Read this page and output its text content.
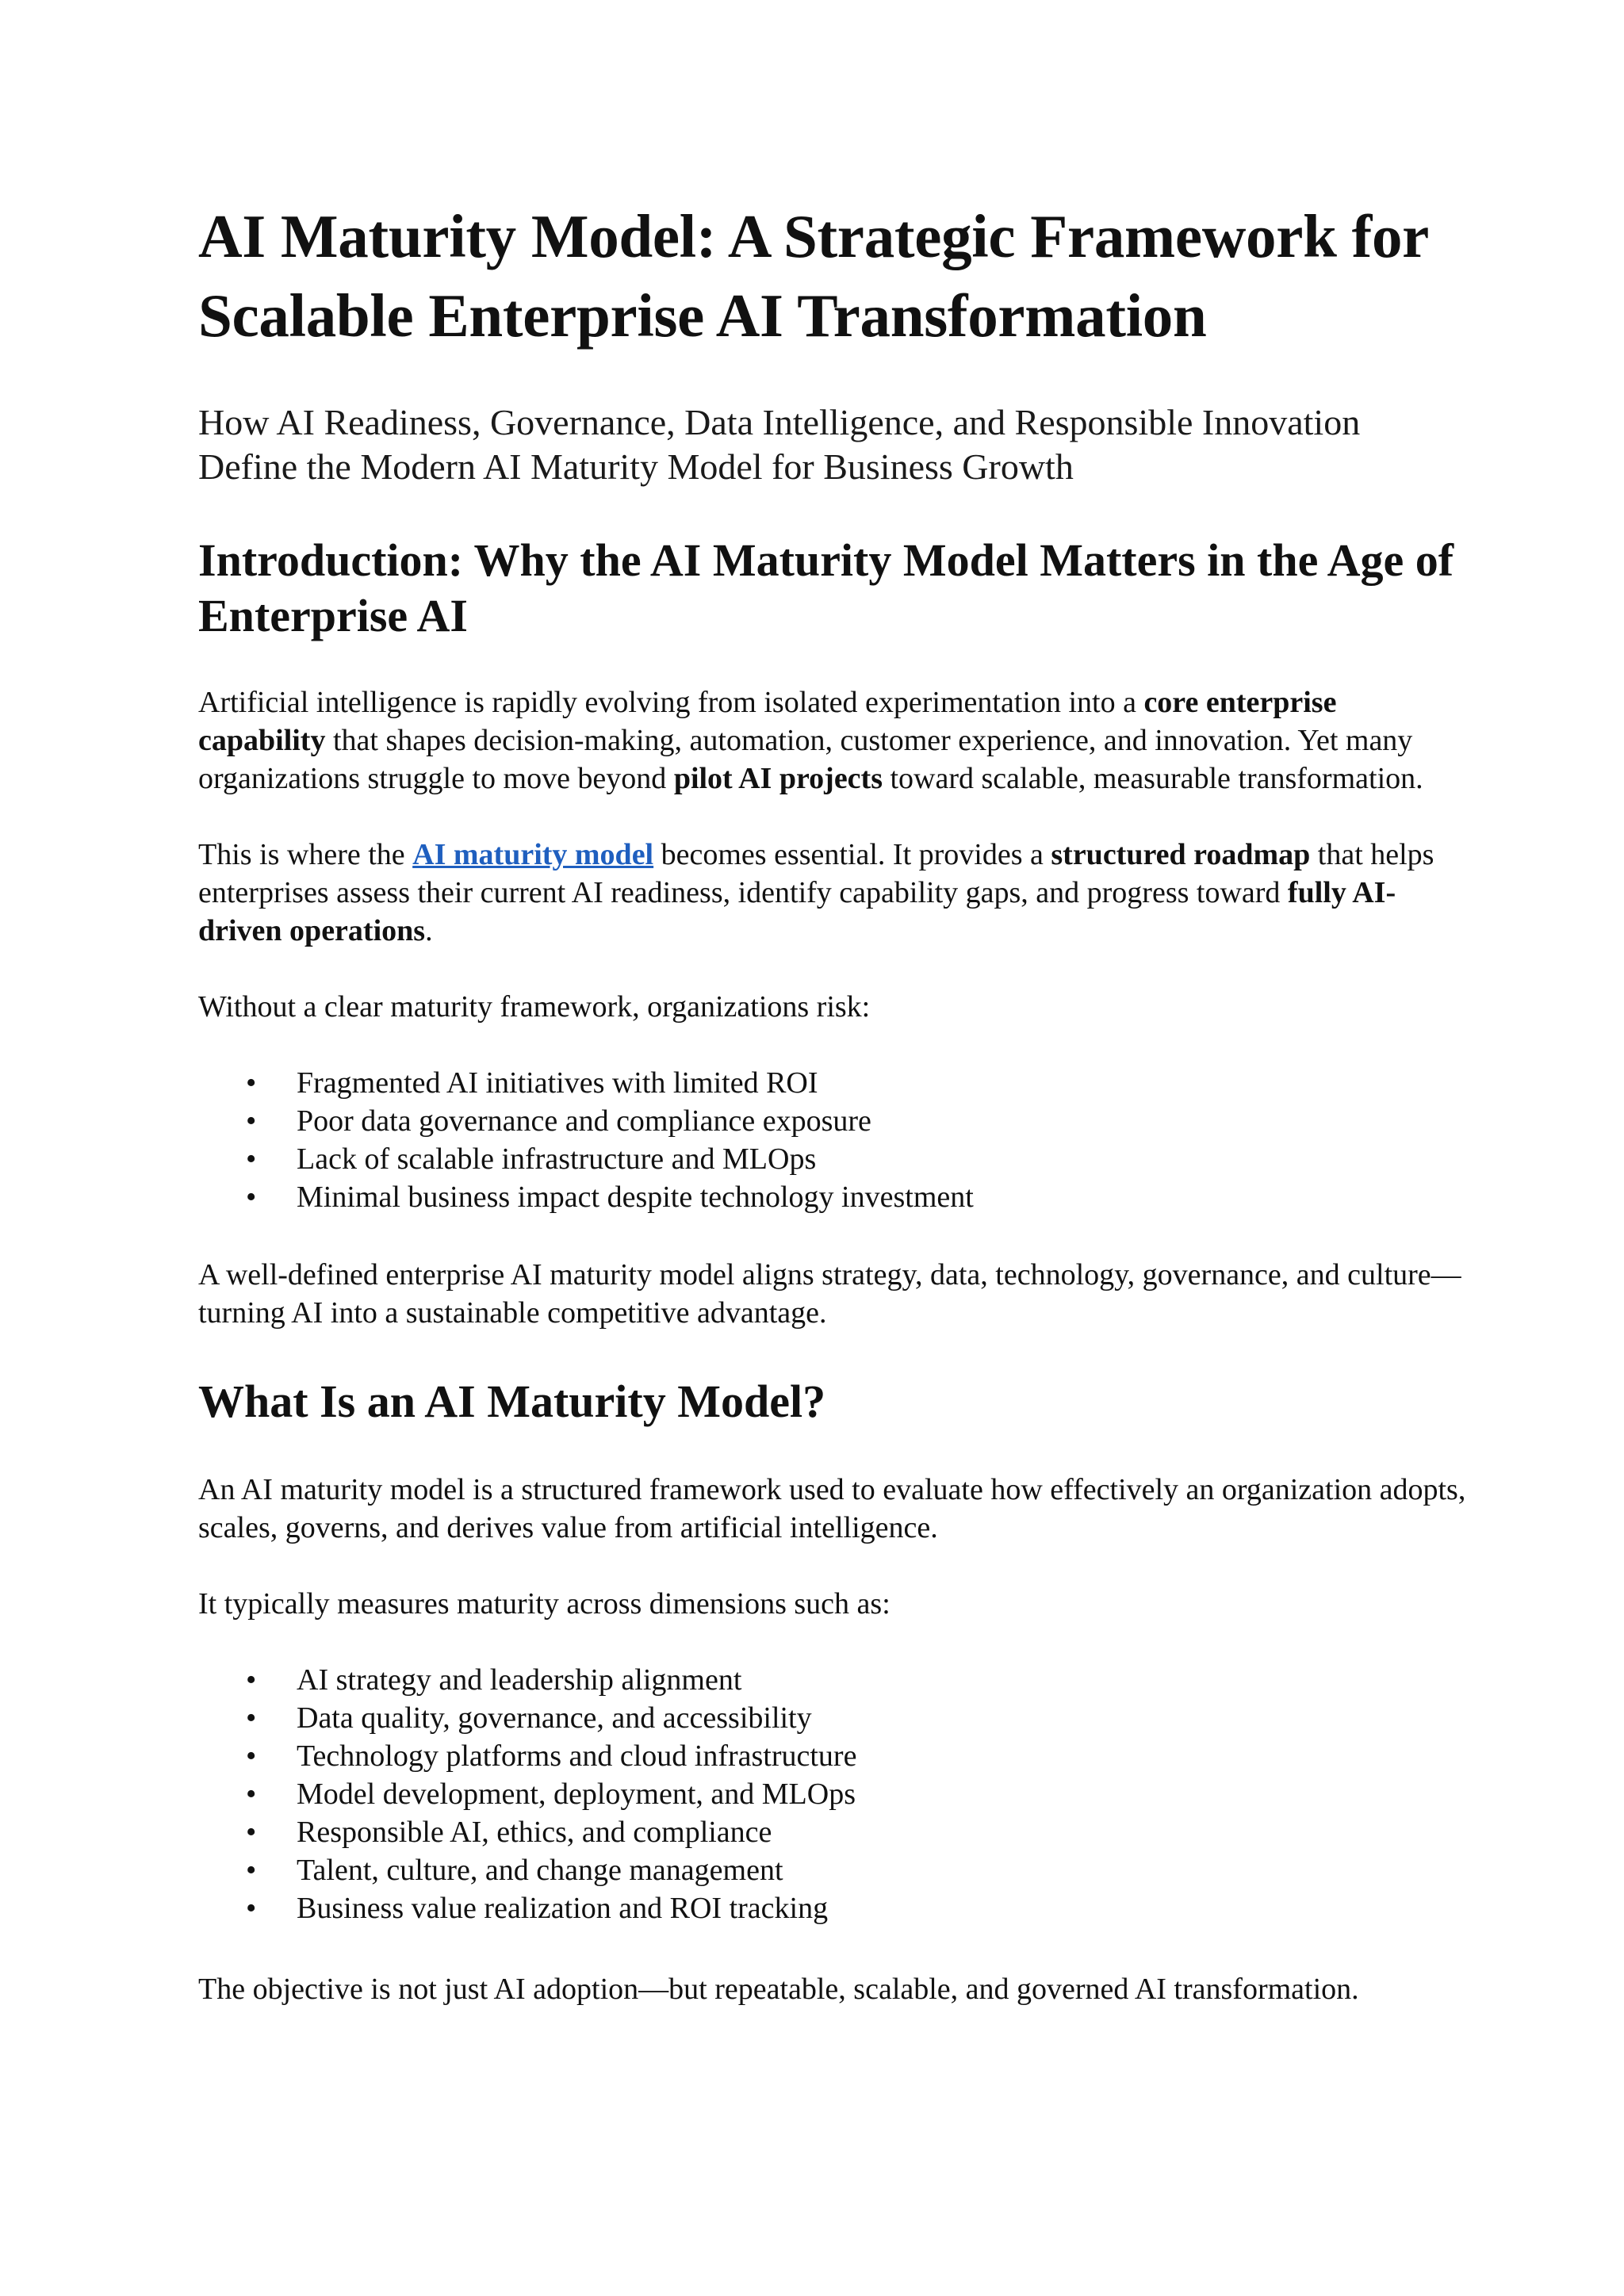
AI Maturity Model: A Strategic Framework for Scalable Enterprise AI Transformation

How AI Readiness, Governance, Data Intelligence, and Responsible Innovation Define the Modern AI Maturity Model for Business Growth

Introduction: Why the AI Maturity Model Matters in the Age of Enterprise AI

Artificial intelligence is rapidly evolving from isolated experimentation into a core enterprise capability that shapes decision-making, automation, customer experience, and innovation. Yet many organizations struggle to move beyond pilot AI projects toward scalable, measurable transformation.

This is where the AI maturity model becomes essential. It provides a structured roadmap that helps enterprises assess their current AI readiness, identify capability gaps, and progress toward fully AI-driven operations.

Without a clear maturity framework, organizations risk:

• Fragmented AI initiatives with limited ROI
• Poor data governance and compliance exposure
• Lack of scalable infrastructure and MLOps
• Minimal business impact despite technology investment

A well-defined enterprise AI maturity model aligns strategy, data, technology, governance, and culture—turning AI into a sustainable competitive advantage.

What Is an AI Maturity Model?

An AI maturity model is a structured framework used to evaluate how effectively an organization adopts, scales, governs, and derives value from artificial intelligence.

It typically measures maturity across dimensions such as:

• AI strategy and leadership alignment
• Data quality, governance, and accessibility
• Technology platforms and cloud infrastructure
• Model development, deployment, and MLOps
• Responsible AI, ethics, and compliance
• Talent, culture, and change management
• Business value realization and ROI tracking

The objective is not just AI adoption—but repeatable, scalable, and governed AI transformation.
